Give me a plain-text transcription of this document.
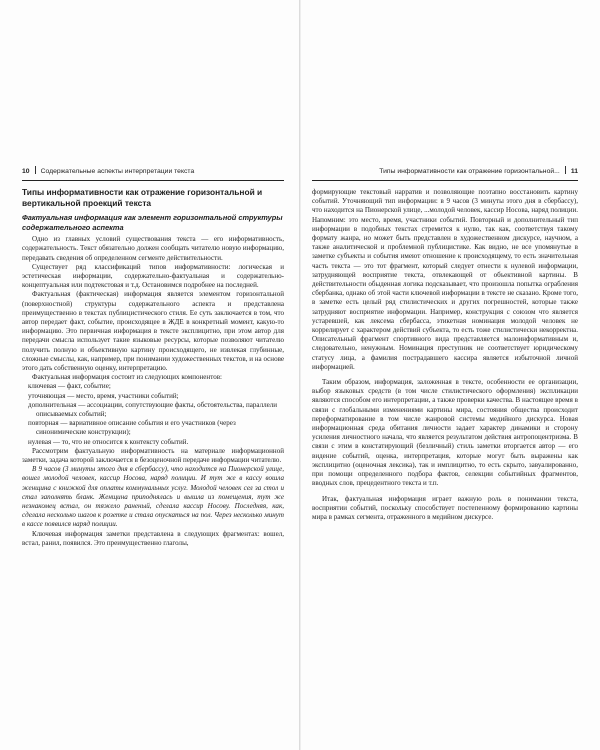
10 Содержательные аспекты интерпретации текста
Типы информативности как отражение горизонтальной и вертикальной проекций текста
Фактуальная информация как элемент горизонтальной структуры содержательного аспекта

Одно из главных условий существования текста — его информативность, содержательность. Текст обязательно должен сообщать читателю новую информацию, передавать сведения об определенном сегменте действительности.

Существует ряд классификаций типов информативности: логическая и эстетическая информации, содержательно-фактуальная и содержательно-концептуальная или подтекстовая и т.д. Остановимся подробнее на последней.

Фактуальная (фактическая) информация является элементом горизонтальной (поверхностной) структуры содержательного аспекта и представлена преимущественно в текстах публицистического стиля. Ее суть заключается в том, что автор передает факт, событие, происходящее в ЖДЕ в конкретный момент, какую-то информацию. Это первичная информация в тексте эксплицитно, при этом автор для передачи смысла использует такие языковые ресурсы, которые позволяют читателю получить полную и объективную картину происходящего, не извлекая глубинные, сложные смыслы, как, например, при понимании художественных текстов, и на основе этого дать собственную оценку, интерпретацию.

Фактуальная информация состоит из следующих компонентов:

ключевая — факт, событие;
уточняющая — место, время, участники событий;
дополнительная — ассоциации, сопутствующие факты, обстоятельства, параллели описываемых событий;
повторная — вариативное описание события и его участников (через синонимические конструкции);
нулевая — то, что не относится к контексту событий.

Рассмотрим фактуальную информативность на материале информационной заметки, задача которой заключается в безоценочной передаче информации читателю.

В 9 часов (3 минуты этого дня в сбербассу), что находится на Пионерской улице, вошел молодой человек, кассир Носова, наряд полиции. И тут же в кассу вошла женщина с книжкой для оплаты коммунальных услуг. Молодой человек сел за стол и стал заполнять бланк. Женщина приподнялась и вышла из помещения, тут же незнакомец встал, он тяжело раненый, сделала кассир Носову. Последняя, как, сделала несколько шагов к розетке и стала опускаться на пол. Через несколько минут в кассе появился наряд полиции.

Ключевая информация заметки представлена в следующих фрагментах: вошел, встал, ранил, появился. Это преимущественно глаголы,

Типы информативности как отражение горизонтальной... 11

формирующие текстовый нарратив и позволяющие поэтапно восстановить картину событий. Уточняющий тип информации: в 9 часов (3 минуты этого дня в сбербассу), что находится на Пионерской улице, ...молодой человек, кассир Носова, наряд полиции. Напомним: это место, время, участники событий. Повторный и дополнительный тип информации в подобных текстах стремится к нулю, так как, соответствуя такому формату жанра, но может быть представлен в художественном дискурсе, научном, а также аналитической и проблемной публицистике. Как видно, не все упомянутые в заметке субъекты и события имеют отношение к происходящему, то есть значительная часть текста — это тот фрагмент, который следует отнести к нулевой информации, затрудняющей восприятие текста, отвлекающей от объективной картины. В действительности обыденная логика подсказывает, что произошла попытка ограбления сбербанка, однако об этой части ключевой информации в тексте не сказано. Кроме того, в заметке есть целый ряд стилистических и других погрешностей, которые также затрудняют восприятие информации. Например, конструкция с союзом что является устаревшей, как лексема сбербасса, этикетная номинация молодой человек не коррелирует с характером действий субъекта, то есть тоже стилистически некорректна. Описательный фрагмент спортивного вида представляется малоинформативным и, следовательно, ненужным. Номинация преступник не соответствует юридическому статусу лица, а фамилия пострадавшего кассира является избыточной личной информацией.

Таким образом, информация, заложенная в тексте, особенности ее организации, выбор языковых средств (в том числе стилистического оформления) экспликации являются способом его интерпретации, а также проверки качества. В настоящее время в связи с глобальными изменениями картины мира, состояния общества происходит переформатирование в том числе жанровой системы медийного дискурса. Новая информационная среда обитания личности задает характер динамики и сторону усиления личностного начала, что является результатом действия антропоцентризма. В связи с этим в констатирующий (безличный) стиль заметки вторгается автор — его видение событий, оценка, интерпретация, которые могут быть выражены как эксплицитно (оценочная лексика), так и имплицитно, то есть скрыто, завуалированно, при помощи определенного подбора фактов, селекции событийных фрагментов, вводных слов, прецедентного текста и т.п.

Итак, фактуальная информация играет важную роль в понимании текста, восприятии событий, поскольку способствует постепенному формированию картины мира в рамках сегмента, отраженного в медийном дискурсе.
